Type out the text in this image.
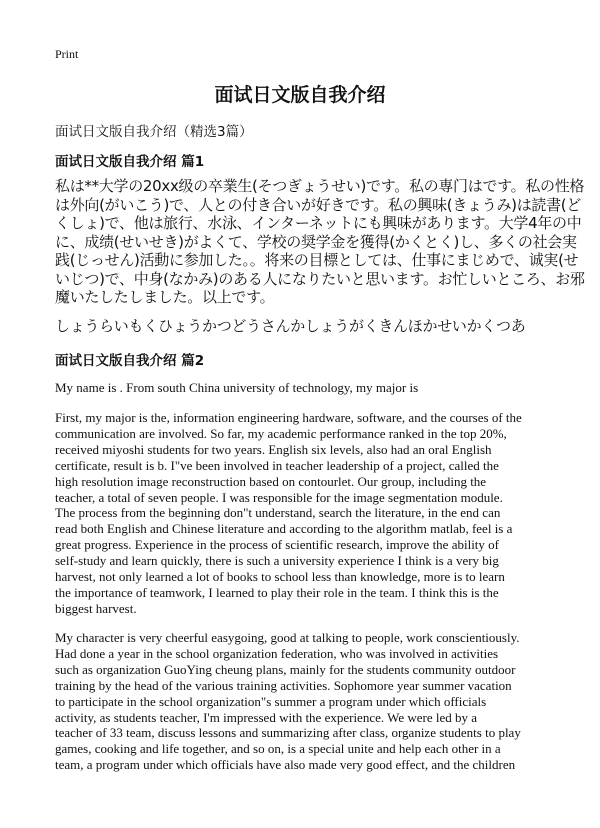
Print
面试日文版自我介绍
面试日文版自我介绍（精选3篇）
面试日文版自我介绍 篇1
私は**大学の20xx级の卒業生(そつぎょうせい)です。私の専门はです。私の性格
は外向(がいこう)で、人との付き合いが好きです。私の興味(きょうみ)は読書(ど
くしょ)で、他は旅行、水泳、インターネットにも興味があります。大学4年の中
に、成绩(せいせき)がよくて、学校の奨学金を獲得(かくとく)し、多くの社会実
践(じっせん)活動に参加した。。将来の目標としては、仕事にまじめで、诚実(せ
いじつ)で、中身(なかみ)のある人になりたいと思います。お忙しいところ、お邪
魔いたしたしました。以上です。
しょうらいもくひょうかつどうさんかしょうがくきんほかせいかくつあ
面试日文版自我介绍 篇2
My name is . From south China university of technology, my major is
First, my major is the, information engineering hardware, software, and the courses of the
communication are involved. So far, my academic performance ranked in the top 20%,
received miyoshi students for two years. English six levels, also had an oral English
certificate, result is b. I"ve been involved in teacher leadership of a project, called the
high resolution image reconstruction based on contourlet. Our group, including the
teacher, a total of seven people. I was responsible for the image segmentation module.
The process from the beginning don"t understand, search the literature, in the end can
read both English and Chinese literature and according to the algorithm matlab, feel is a
great progress. Experience in the process of scientific research, improve the ability of
self-study and learn quickly, there is such a university experience I think is a very big
harvest, not only learned a lot of books to school less than knowledge, more is to learn
the importance of teamwork, I learned to play their role in the team. I think this is the
biggest harvest.
My character is very cheerful easygoing, good at talking to people, work conscientiously.
Had done a year in the school organization federation, who was involved in activities
such as organization GuoYing cheung plans, mainly for the students community outdoor
training by the head of the various training activities. Sophomore year summer vacation
to participate in the school organization"s summer a program under which officials
activity, as students teacher, I'm impressed with the experience. We were led by a
teacher of 33 team, discuss lessons and summarizing after class, organize students to play
games, cooking and life together, and so on, is a special unite and help each other in a
team, a program under which officials have also made very good effect, and the children
